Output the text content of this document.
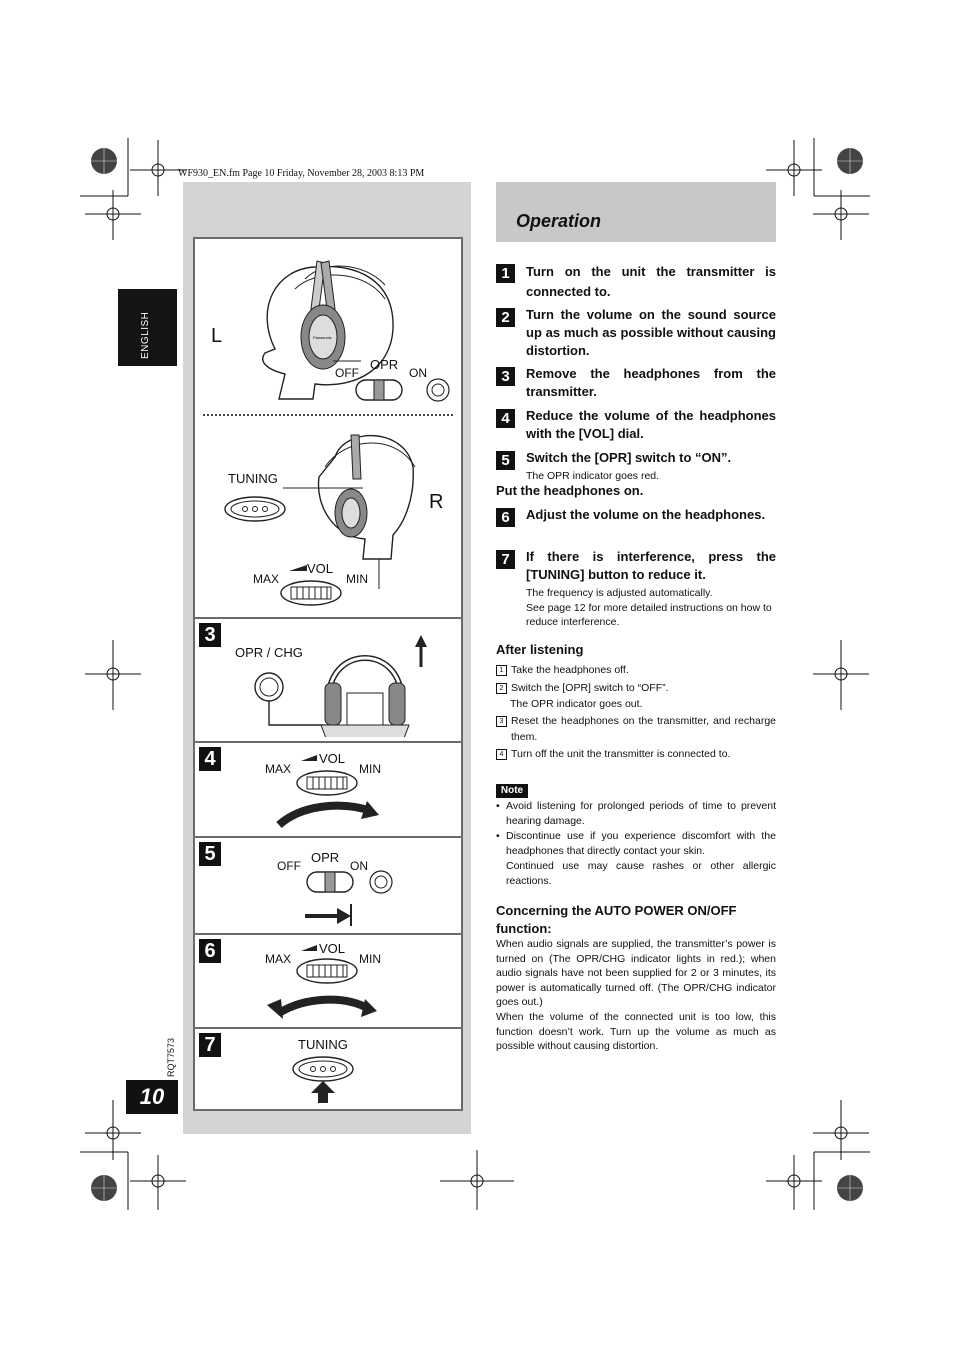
WF930_EN.fm Page 10 Friday, November 28, 2003 8:13 PM
ENGLISH
RQT7573
10
L	Panasonic
OFF
OPR
ON
R
TUNING
VOL
MAX	MIN
3
OPR / CHG
4	VOL
MAX	MIN
5	OPR
OFF	ON
6	VOL
MAX	MIN
7	TUNING
Operation
1	Turn on the unit the transmitter is connected to.
2	Turn the volume on the sound source up as much as possible without causing distortion.
3	Remove the headphones from the transmitter.
4	Reduce the volume of the headphones with the [VOL] dial.
5	Switch the [OPR] switch to “ON”.
The OPR indicator goes red.
Put the headphones on.
6	Adjust the volume on the headphones.
7	If there is interference, press the [TUNING] button to reduce it.
The frequency is adjusted automatically.
See page 12 for more detailed instructions on how to reduce interference.
After listening
1 Take the headphones off.
2 Switch the [OPR] switch to “OFF”.
The OPR indicator goes out.
3 Reset the headphones on the transmitter, and recharge them.
4 Turn off the unit the transmitter is connected to.
Note
• Avoid listening for prolonged periods of time to prevent hearing damage.
• Discontinue use if you experience discomfort with the headphones that directly contact your skin.
Continued use may cause rashes or other allergic reactions.
Concerning the AUTO POWER ON/OFF function:
When audio signals are supplied, the transmitter’s power is turned on (The OPR/CHG indicator lights in red.); when audio signals have not been supplied for 2 or 3 minutes, its power is automatically turned off. (The OPR/CHG indicator goes out.)
When the volume of the connected unit is too low, this function doesn’t work. Turn up the volume as much as possible without causing distortion.
